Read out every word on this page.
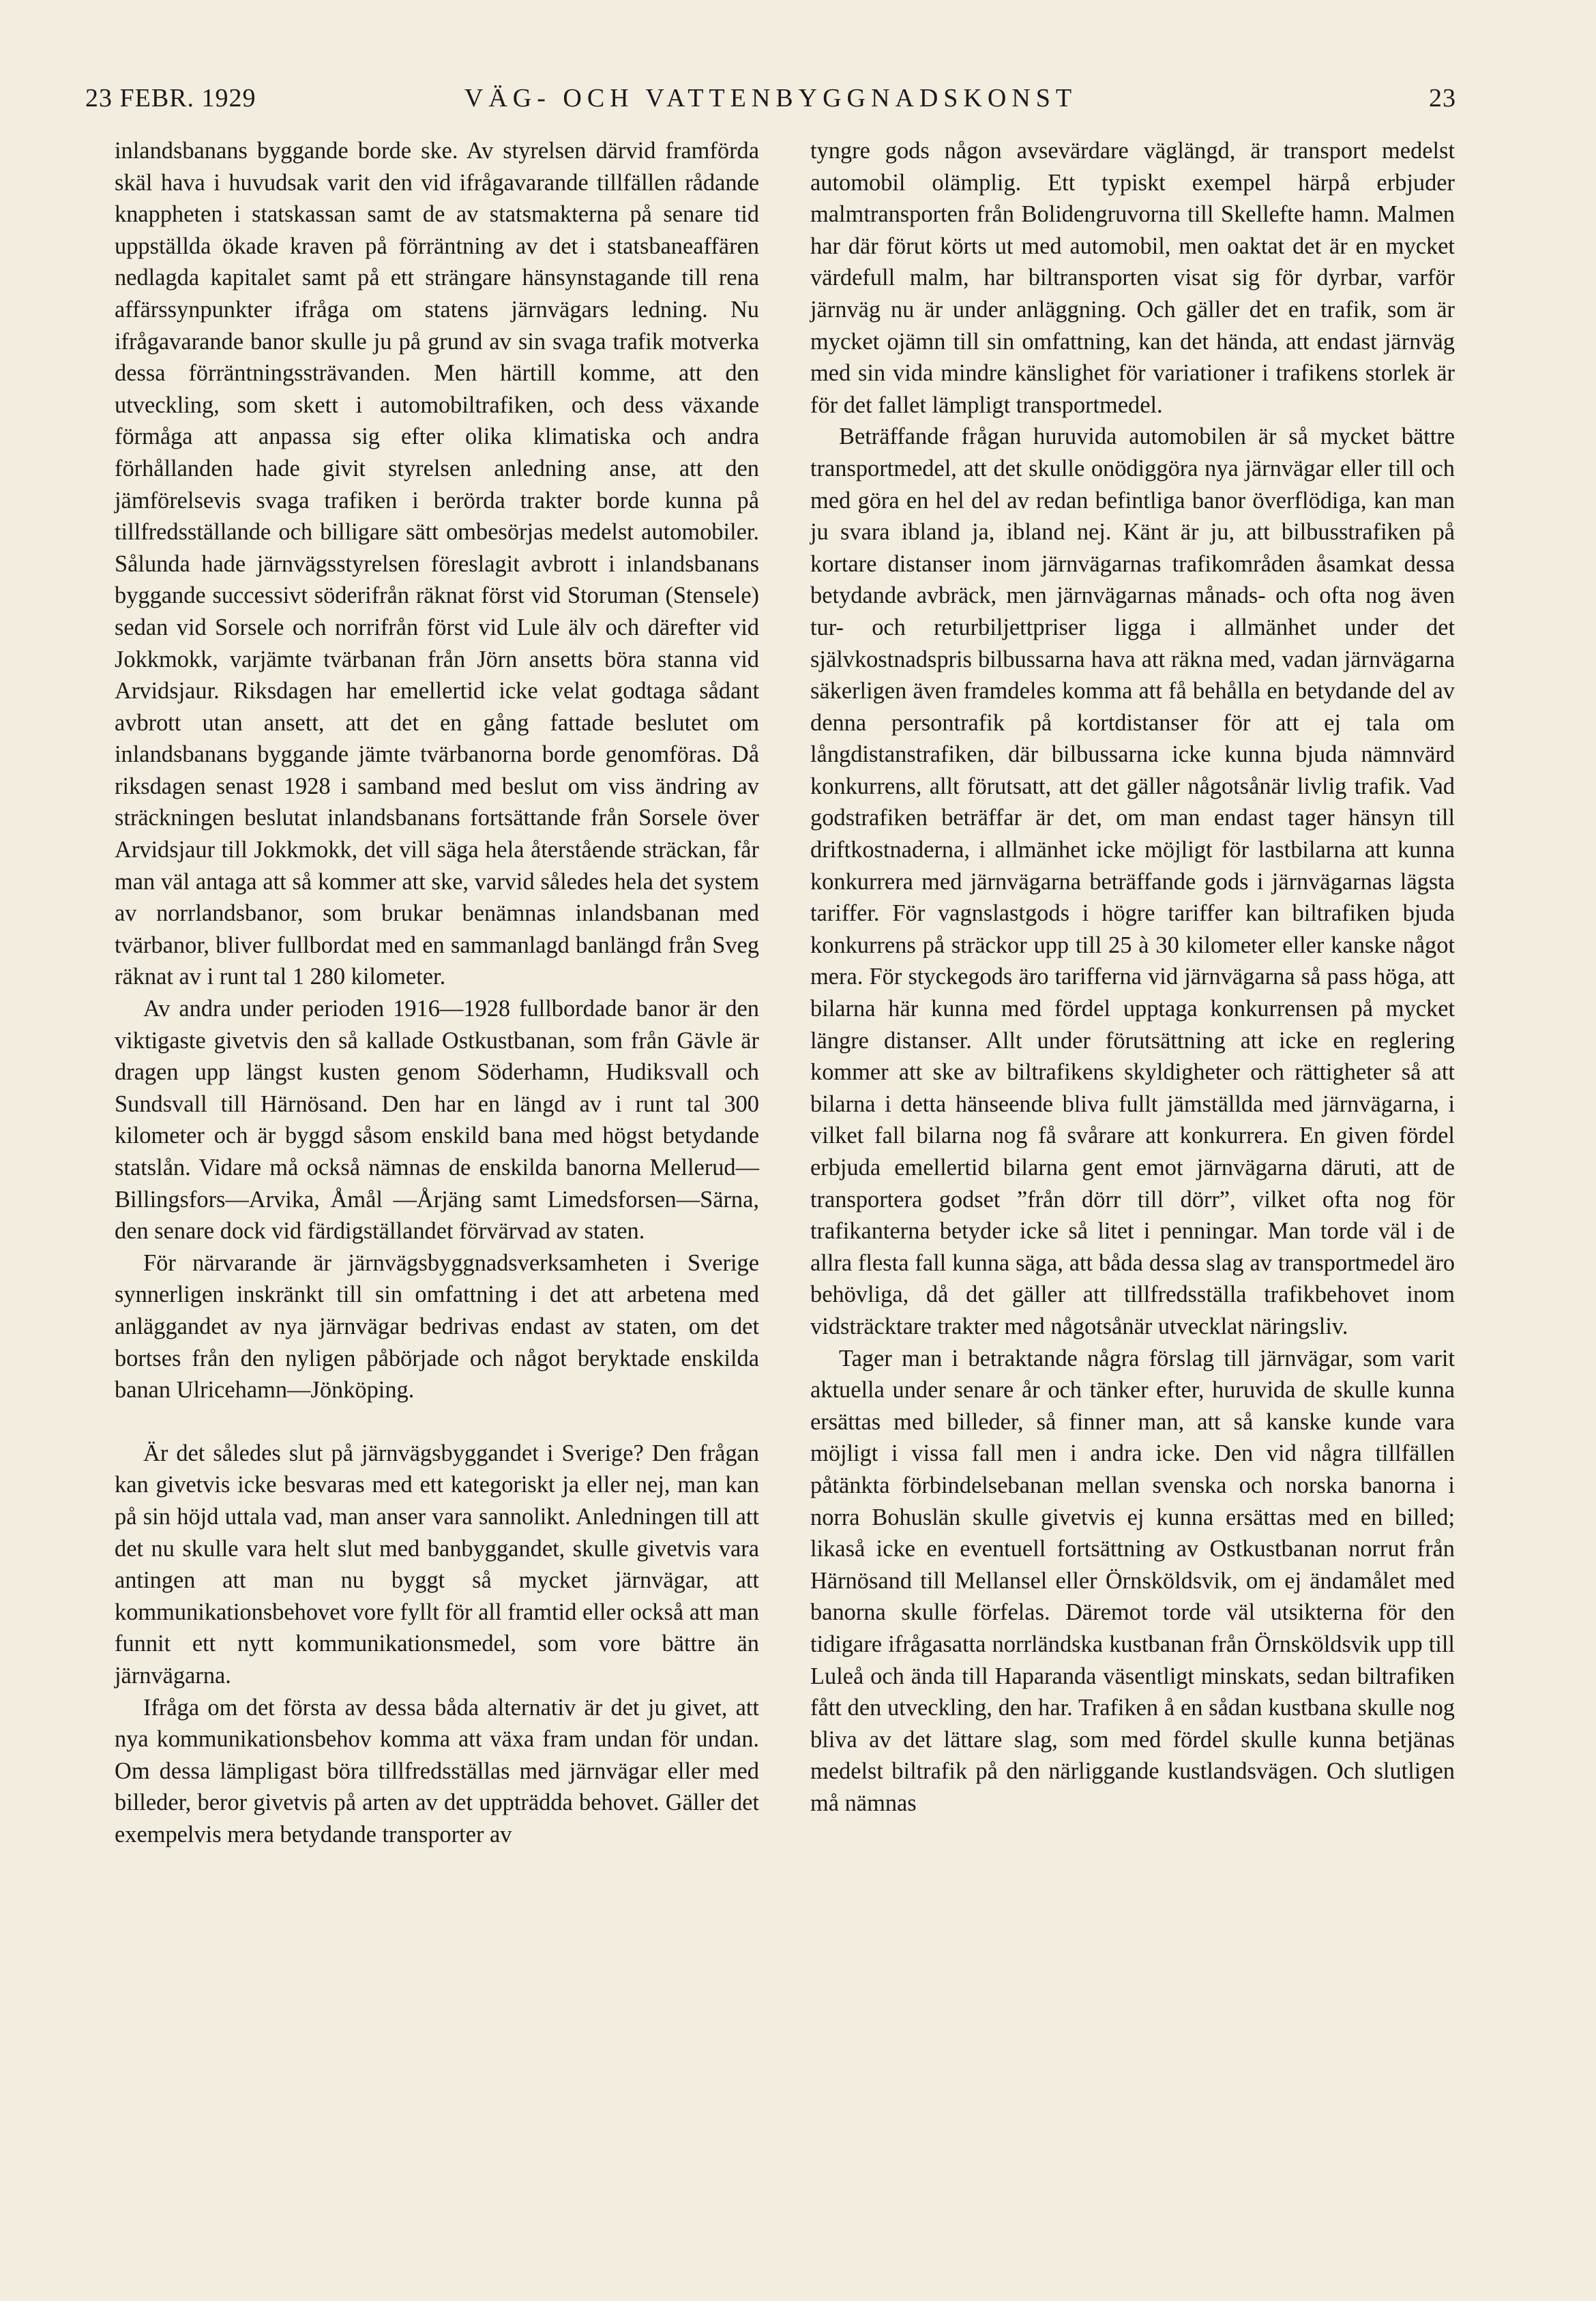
23 FEBR. 1929	VÄG- OCH VATTENBYGGNADSKONST	23

inlandsbanans byggande borde ske. Av styrelsen därvid framförda skäl hava i huvudsak varit den vid ifrågavarande tillfällen rådande knappheten i statskassan samt de av statsmakterna på senare tid uppställda ökade kraven på förräntning av det i statsbaneaffären nedlagda kapitalet samt på ett strängare hänsynstagande till rena affärssynpunkter ifråga om statens järnvägars ledning. Nu ifrågavarande banor skulle ju på grund av sin svaga trafik motverka dessa förräntningssträvanden. Men härtill komme, att den utveckling, som skett i automobiltrafiken, och dess växande förmåga att anpassa sig efter olika klimatiska och andra förhållanden hade givit styrelsen anledning anse, att den jämförelsevis svaga trafiken i berörda trakter borde kunna på tillfredsställande och billigare sätt ombesörjas medelst automobiler. Sålunda hade järnvägsstyrelsen föreslagit avbrott i inlandsbanans byggande successivt söderifrån räknat först vid Storuman (Stensele) sedan vid Sorsele och norrifrån först vid Lule älv och därefter vid Jokkmokk, varjämte tvärbanan från Jörn ansetts böra stanna vid Arvidsjaur. Riksdagen har emellertid icke velat godtaga sådant avbrott utan ansett, att det en gång fattade beslutet om inlandsbanans byggande jämte tvärbanorna borde genomföras. Då riksdagen senast 1928 i samband med beslut om viss ändring av sträckningen beslutat inlandsbanans fortsättande från Sorsele över Arvidsjaur till Jokkmokk, det vill säga hela återstående sträckan, får man väl antaga att så kommer att ske, varvid således hela det system av norrlandsbanor, som brukar benämnas inlandsbanan med tvärbanor, bliver fullbordat med en sammanlagd banlängd från Sveg räknat av i runt tal 1 280 kilometer.

Av andra under perioden 1916—1928 fullbordade banor är den viktigaste givetvis den så kallade Ostkustbanan, som från Gävle är dragen upp längst kusten genom Söderhamn, Hudiksvall och Sundsvall till Härnösand. Den har en längd av i runt tal 300 kilometer och är byggd såsom enskild bana med högst betydande statslån. Vidare må också nämnas de enskilda banorna Mellerud—Billingsfors—Arvika, Åmål —Årjäng samt Limedsforsen—Särna, den senare dock vid färdigställandet förvärvad av staten.

För närvarande är järnvägsbyggnadsverksamheten i Sverige synnerligen inskränkt till sin omfattning i det att arbetena med anläggandet av nya järnvägar bedrivas endast av staten, om det bortses från den nyligen påbörjade och något beryktade enskilda banan Ulricehamn—Jönköping.

Är det således slut på järnvägsbyggandet i Sverige? Den frågan kan givetvis icke besvaras med ett kategoriskt ja eller nej, man kan på sin höjd uttala vad, man anser vara sannolikt. Anledningen till att det nu skulle vara helt slut med banbyggandet, skulle givetvis vara antingen att man nu byggt så mycket järnvägar, att kommunikationsbehovet vore fyllt för all framtid eller också att man funnit ett nytt kommunikationsmedel, som vore bättre än järnvägarna.

Ifråga om det första av dessa båda alternativ är det ju givet, att nya kommunikationsbehov komma att växa fram undan för undan. Om dessa lämpligast böra tillfredsställas med järnvägar eller med billeder, beror givetvis på arten av det uppträdda behovet. Gäller det exempelvis mera betydande transporter av

tyngre gods någon avsevärdare väglängd, är transport medelst automobil olämplig. Ett typiskt exempel härpå erbjuder malmtransporten från Bolidengruvorna till Skellefte hamn. Malmen har där förut körts ut med automobil, men oaktat det är en mycket värdefull malm, har biltransporten visat sig för dyrbar, varför järnväg nu är under anläggning. Och gäller det en trafik, som är mycket ojämn till sin omfattning, kan det hända, att endast järnväg med sin vida mindre känslighet för variationer i trafikens storlek är för det fallet lämpligt transportmedel.

Beträffande frågan huruvida automobilen är så mycket bättre transportmedel, att det skulle onödiggöra nya järnvägar eller till och med göra en hel del av redan befintliga banor överflödiga, kan man ju svara ibland ja, ibland nej. Känt är ju, att bilbusstrafiken på kortare distanser inom järnvägarnas trafikområden åsamkat dessa betydande avbräck, men järnvägarnas månads- och ofta nog även tur- och returbiljettpriser ligga i allmänhet under det självkostnadspris bilbussarna hava att räkna med, vadan järnvägarna säkerligen även framdeles komma att få behålla en betydande del av denna persontrafik på kortdistanser för att ej tala om långdistanstrafiken, där bilbussarna icke kunna bjuda nämnvärd konkurrens, allt förutsatt, att det gäller någotsånär livlig trafik. Vad godstrafiken beträffar är det, om man endast tager hänsyn till driftkostnaderna, i allmänhet icke möjligt för lastbilarna att kunna konkurrera med järnvägarna beträffande gods i järnvägarnas lägsta tariffer. För vagnslastgods i högre tariffer kan biltrafiken bjuda konkurrens på sträckor upp till 25 à 30 kilometer eller kanske något mera. För styckegods äro tarifferna vid järnvägarna så pass höga, att bilarna här kunna med fördel upptaga konkurrensen på mycket längre distanser. Allt under förutsättning att icke en reglering kommer att ske av biltrafikens skyldigheter och rättigheter så att bilarna i detta hänseende bliva fullt jämställda med järnvägarna, i vilket fall bilarna nog få svårare att konkurrera. En given fördel erbjuda emellertid bilarna gent emot järnvägarna däruti, att de transportera godset ”från dörr till dörr”, vilket ofta nog för trafikanterna betyder icke så litet i penningar. Man torde väl i de allra flesta fall kunna säga, att båda dessa slag av transportmedel äro behövliga, då det gäller att tillfredsställa trafikbehovet inom vidsträcktare trakter med någotsånär utvecklat näringsliv.

Tager man i betraktande några förslag till järnvägar, som varit aktuella under senare år och tänker efter, huruvida de skulle kunna ersättas med billeder, så finner man, att så kanske kunde vara möjligt i vissa fall men i andra icke. Den vid några tillfällen påtänkta förbindelsebanan mellan svenska och norska banorna i norra Bohuslän skulle givetvis ej kunna ersättas med en billed; likaså icke en eventuell fortsättning av Ostkustbanan norrut från Härnösand till Mellansel eller Örnsköldsvik, om ej ändamålet med banorna skulle förfelas. Däremot torde väl utsikterna för den tidigare ifrågasatta norrländska kustbanan från Örnsköldsvik upp till Luleå och ända till Haparanda väsentligt minskats, sedan biltrafiken fått den utveckling, den har. Trafiken å en sådan kustbana skulle nog bliva av det lättare slag, som med fördel skulle kunna betjänas medelst biltrafik på den närliggande kustlandsvägen. Och slutligen må nämnas
